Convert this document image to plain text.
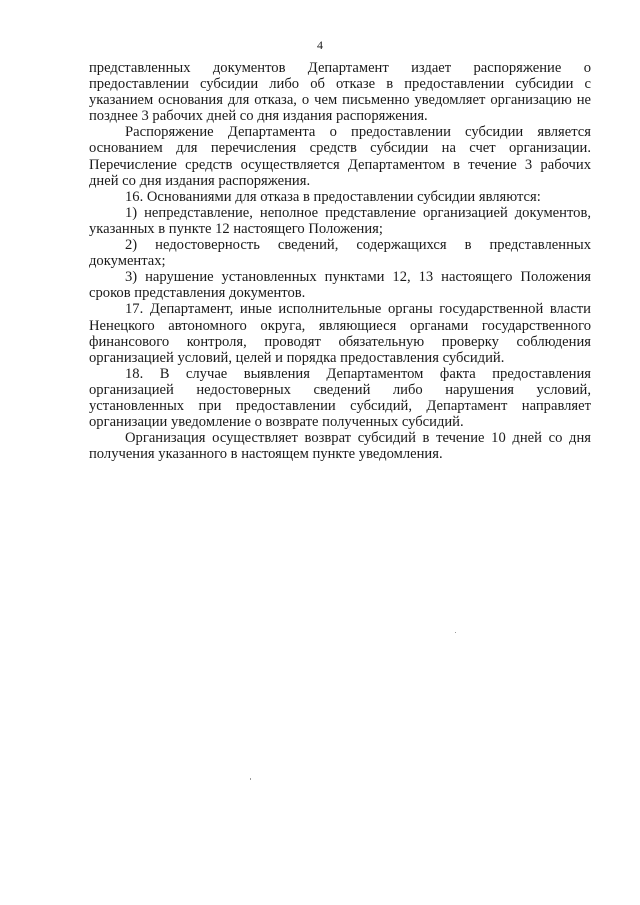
4

представленных документов Департамент издает распоряжение о предоставлении субсидии либо об отказе в предоставлении субсидии с указанием основания для отказа, о чем письменно уведомляет организацию не позднее 3 рабочих дней со дня издания распоряжения.

Распоряжение Департамента о предоставлении субсидии является основанием для перечисления средств субсидии на счет организации. Перечисление средств осуществляется Департаментом в течение 3 рабочих дней со дня издания распоряжения.

16. Основаниями для отказа в предоставлении субсидии являются:

1) непредставление, неполное представление организацией документов, указанных в пункте 12 настоящего Положения;

2) недостоверность сведений, содержащихся в представленных документах;

3) нарушение установленных пунктами 12, 13 настоящего Положения сроков представления документов.

17. Департамент, иные исполнительные органы государственной власти Ненецкого автономного округа, являющиеся органами государственного финансового контроля, проводят обязательную проверку соблюдения организацией условий, целей и порядка предоставления субсидий.

18. В случае выявления Департаментом факта предоставления организацией недостоверных сведений либо нарушения условий, установленных при предоставлении субсидий, Департамент направляет организации уведомление о возврате полученных субсидий.

Организация осуществляет возврат субсидий в течение 10 дней со дня получения указанного в настоящем пункте уведомления.
